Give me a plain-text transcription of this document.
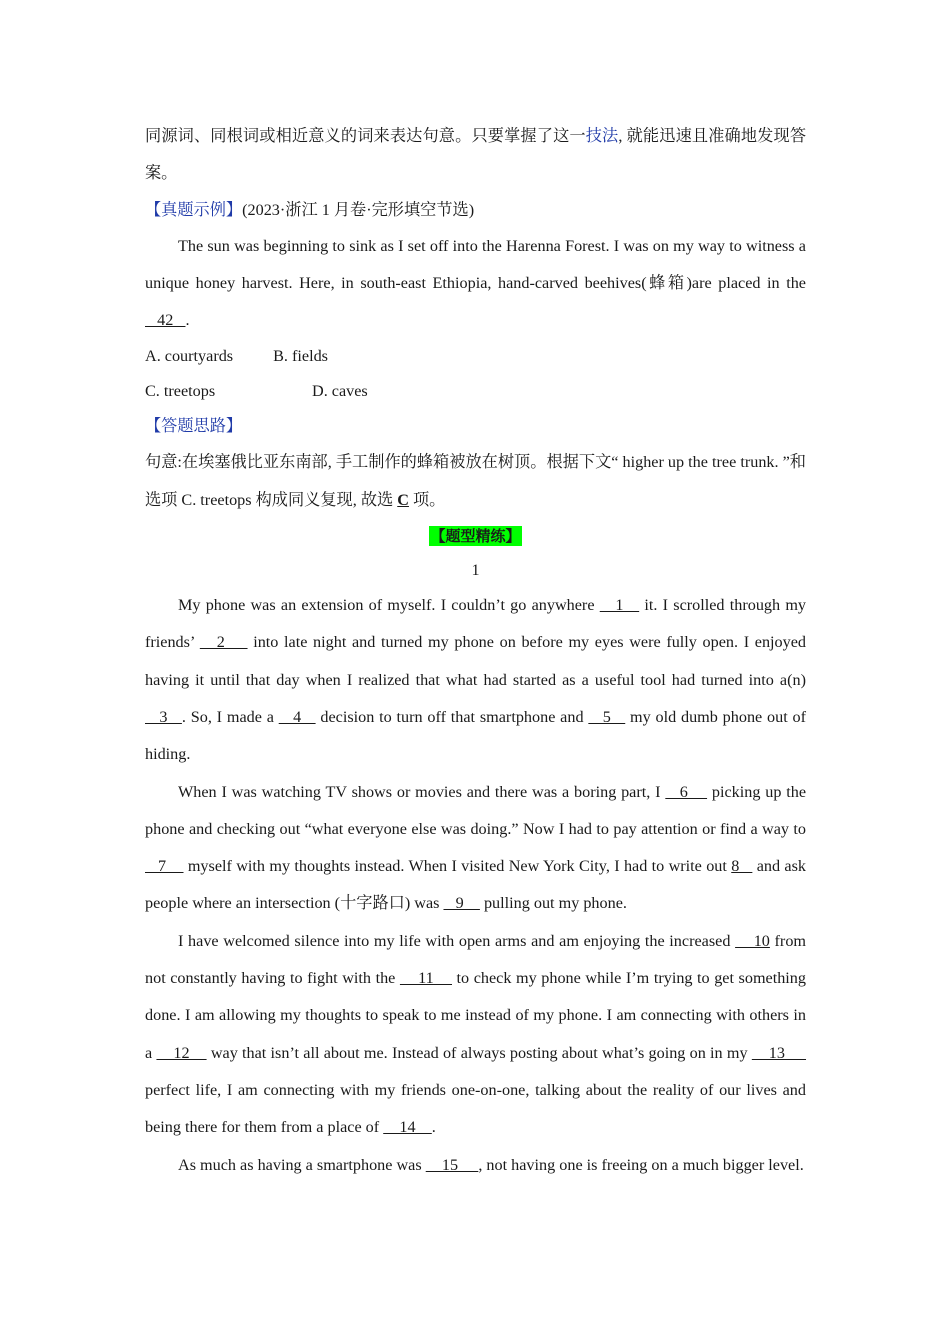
同源词、同根词或相近意义的词来表达句意。只要掌握了这一技法, 就能迅速且准确地发现答案。

【真题示例】(2023·浙江 1 月卷·完形填空节选)

The sun was beginning to sink as I set off into the Harenna Forest. I was on my way to witness a unique honey harvest. Here, in south-east Ethiopia, hand-carved beehives(蜂箱)are placed in the    42   .

A. courtyards B. fields
C. treetops	D. caves

【答题思路】

句意:在埃塞俄比亚东南部, 手工制作的蜂箱被放在树顶。根据下文“ higher up the tree trunk. ”和选项 C. treetops 构成同义复现, 故选 C 项。

【题型精练】
1

My phone was an extension of myself. I couldn’t go anywhere    1    it. I scrolled through my friends’    2     into late night and turned my phone on before my eyes were fully open. I enjoyed having it until that day when I realized that what had started as a useful tool had turned into a(n)    3   . So, I made a    4    decision to turn off that smartphone and    5    my old dumb phone out of hiding.

When I was watching TV shows or movies and there was a boring part, I    6     picking up the phone and checking out “what everyone else was doing.” Now I had to pay attention or find a way to    7     myself with my thoughts instead. When I visited New York City, I had to write out 8    and ask people where an intersection (十字路口) was    9     pulling out my phone.

I have welcomed silence into my life with open arms and am enjoying the increased     10 from not constantly having to fight with the     11     to check my phone while I’m trying to get something done. I am allowing my thoughts to speak to me instead of my phone. I am connecting with others in a     12     way that isn’t all about me. Instead of always posting about what’s going on in my     13      perfect life, I am connecting with my friends one-on-one, talking about the reality of our lives and being there for them from a place of     14    .

As much as having a smartphone was     15     , not having one is freeing on a much bigger level.
